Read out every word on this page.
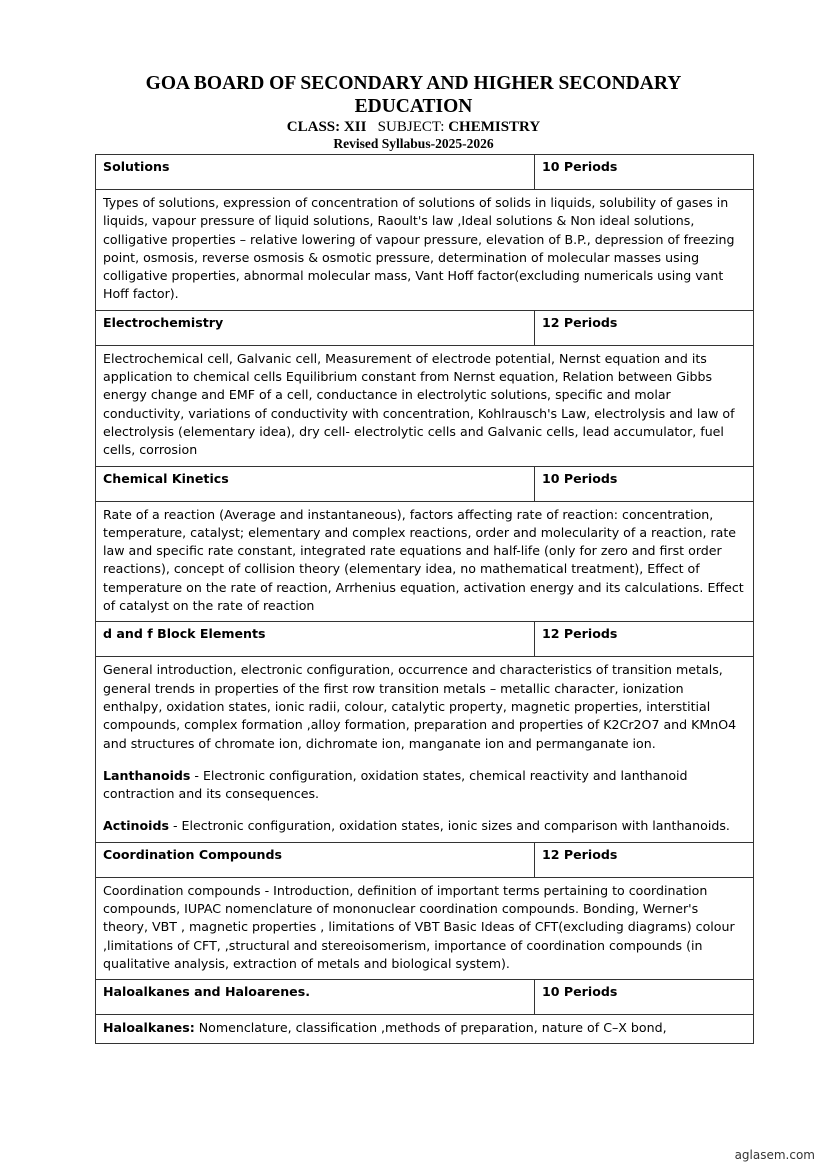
GOA BOARD OF SECONDARY AND HIGHER SECONDARY EDUCATION
CLASS: XII SUBJECT: CHEMISTRY
Revised Syllabus-2025-2026
Solutions	10 Periods
Types of solutions, expression of concentration of solutions of solids in liquids, solubility of gases in liquids, vapour pressure of liquid solutions, Raoult's law ,Ideal solutions & Non ideal solutions, colligative properties – relative lowering of vapour pressure, elevation of B.P., depression of freezing point, osmosis, reverse osmosis & osmotic pressure, determination of molecular masses using colligative properties, abnormal molecular mass, Vant Hoff factor(excluding numericals using vant Hoff factor).	
Electrochemistry	12 Periods
Electrochemical cell, Galvanic cell, Measurement of electrode potential, Nernst equation and its application to chemical cells Equilibrium constant from Nernst equation, Relation between Gibbs energy change and EMF of a cell, conductance in electrolytic solutions, specific and molar conductivity, variations of conductivity with concentration, Kohlrausch's Law, electrolysis and law of electrolysis (elementary idea), dry cell- electrolytic cells and Galvanic cells, lead accumulator, fuel cells, corrosion	
Chemical Kinetics	10 Periods
Rate of a reaction (Average and instantaneous), factors affecting rate of reaction: concentration, temperature, catalyst; elementary and complex reactions, order and molecularity of a reaction, rate law and specific rate constant, integrated rate equations and half-life (only for zero and first order reactions), concept of collision theory (elementary idea, no mathematical treatment), Effect of temperature on the rate of reaction, Arrhenius equation, activation energy and its calculations. Effect of catalyst on the rate of reaction	
d and f Block Elements	12 Periods

General introduction, electronic configuration, occurrence and characteristics of transition metals, general trends in properties of the first row transition metals – metallic character, ionization enthalpy, oxidation states, ionic radii, colour, catalytic property, magnetic properties, interstitial compounds, complex formation ,alloy formation, preparation and properties of K2Cr2O7 and KMnO4 and structures of chromate ion, dichromate ion, manganate ion and permanganate ion.
Lanthanoids - Electronic configuration, oxidation states, chemical reactivity and lanthanoid contraction and its consequences.
Actinoids - Electronic configuration, oxidation states, ionic sizes and comparison with lanthanoids.	

Coordination Compounds	12 Periods
Coordination compounds - Introduction, definition of important terms pertaining to coordination compounds, IUPAC nomenclature of mononuclear coordination compounds. Bonding, Werner's theory, VBT , magnetic properties , limitations of VBT Basic Ideas of CFT(excluding diagrams) colour ,limitations of CFT, ,structural and stereoisomerism, importance of coordination compounds (in qualitative analysis, extraction of metals and biological system).	
Haloalkanes and Haloarenes.	10 Periods
Haloalkanes: Nomenclature, classification ,methods of preparation, nature of C–X bond,	
aglasem.com
